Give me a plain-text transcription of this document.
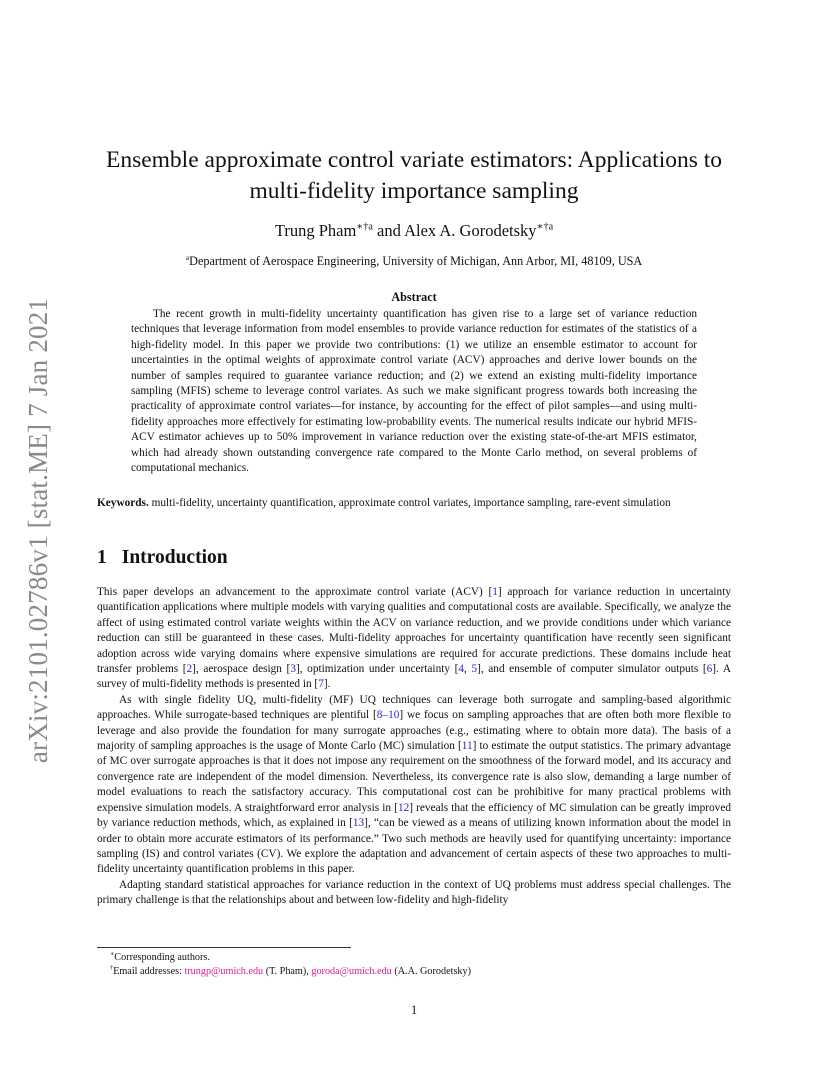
arXiv:2101.02786v1 [stat.ME] 7 Jan 2021
Ensemble approximate control variate estimators: Applications to
multi-fidelity importance sampling
Trung Pham$^{∗\dagger a}$ and Alex A. Gorodetsky$^{∗\dagger a}$
$^a$Department of Aerospace Engineering, University of Michigan, Ann Arbor, MI, 48109, USA
Abstract

The recent growth in multi-fidelity uncertainty quantification has given rise to a large set of variance reduction techniques that leverage information from model ensembles to provide variance reduction for estimates of the statistics of a high-fidelity model. In this paper we provide two contributions: (1) we utilize an ensemble estimator to account for uncertainties in the optimal weights of approximate control variate (ACV) approaches and derive lower bounds on the number of samples required to guarantee variance reduction; and (2) we extend an existing multi-fidelity importance sampling (MFIS) scheme to leverage control variates. As such we make significant progress towards both increasing the practicality of approximate control variates—for instance, by accounting for the effect of pilot samples—and using multi-fidelity approaches more effectively for estimating low-probability events. The numerical results indicate our hybrid MFIS-ACV estimator achieves up to 50% improvement in variance reduction over the existing state-of-the-art MFIS estimator, which had already shown outstanding convergence rate compared to the Monte Carlo method, on several problems of computational mechanics.

Keywords. multi-fidelity, uncertainty quantification, approximate control variates, importance sampling, rare-event simulation

1 Introduction

This paper develops an advancement to the approximate control variate (ACV) [1] approach for variance reduction in uncertainty quantification applications where multiple models with varying qualities and computational costs are available. Specifically, we analyze the affect of using estimated control variate weights within the ACV on variance reduction, and we provide conditions under which variance reduction can still be guaranteed in these cases. Multi-fidelity approaches for uncertainty quantification have recently seen significant adoption across wide varying domains where expensive simulations are required for accurate predictions. These domains include heat transfer problems [2], aerospace design [3], optimization under uncertainty [4, 5], and ensemble of computer simulator outputs [6]. A survey of multi-fidelity methods is presented in [7].

As with single fidelity UQ, multi-fidelity (MF) UQ techniques can leverage both surrogate and sampling-based algorithmic approaches. While surrogate-based techniques are plentiful [8–10] we focus on sampling approaches that are often both more flexible to leverage and also provide the foundation for many surrogate approaches (e.g., estimating where to obtain more data). The basis of a majority of sampling approaches is the usage of Monte Carlo (MC) simulation [11] to estimate the output statistics. The primary advantage of MC over surrogate approaches is that it does not impose any requirement on the smoothness of the forward model, and its accuracy and convergence rate are independent of the model dimension. Nevertheless, its convergence rate is also slow, demanding a large number of model evaluations to reach the satisfactory accuracy. This computational cost can be prohibitive for many practical problems with expensive simulation models. A straightforward error analysis in [12] reveals that the efficiency of MC simulation can be greatly improved by variance reduction methods, which, as explained in [13], “can be viewed as a means of utilizing known information about the model in order to obtain more accurate estimators of its performance.” Two such methods are heavily used for quantifying uncertainty: importance sampling (IS) and control variates (CV). We explore the adaptation and advancement of certain aspects of these two approaches to multi-fidelity uncertainty quantification problems in this paper.

Adapting standard statistical approaches for variance reduction in the context of UQ problems must address special challenges. The primary challenge is that the relationships about and between low-fidelity and high-fidelity

∗Corresponding authors.
†Email addresses: trungp@umich.edu (T. Pham), goroda@umich.edu (A.A. Gorodetsky)
1
